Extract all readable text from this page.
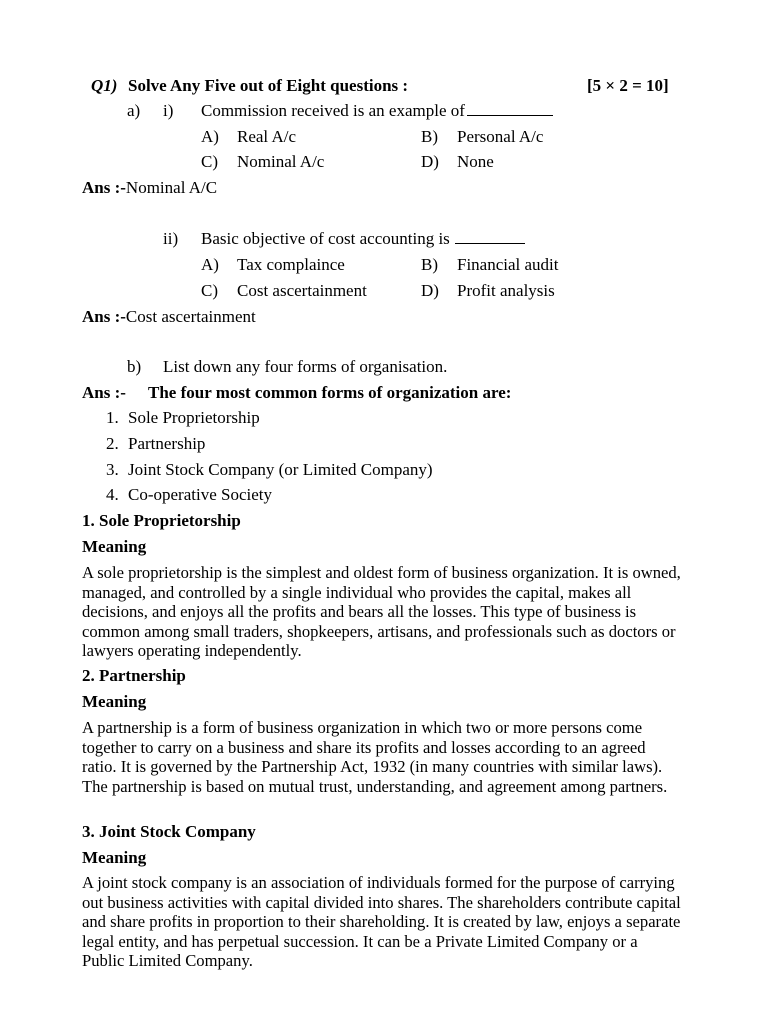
Q1) Solve Any Five out of Eight questions :	[5 × 2 = 10]
a) i) Commission received is an example of
A) Real A/c	B) Personal A/c
C) Nominal A/c	D) None
Ans :-Nominal A/C
ii) Basic objective of cost accounting is
A) Tax complaince	B) Financial audit
C) Cost ascertainment	D) Profit analysis
Ans :-Cost ascertainment
b) List down any four forms of organisation.
Ans :- The four most common forms of organization are:
1. Sole Proprietorship
2. Partnership
3. Joint Stock Company (or Limited Company)
4. Co-operative Society
1. Sole Proprietorship
Meaning
A sole proprietorship is the simplest and oldest form of business organization. It is owned, managed, and controlled by a single individual who provides the capital, makes all decisions, and enjoys all the profits and bears all the losses. This type of business is common among small traders, shopkeepers, artisans, and professionals such as doctors or lawyers operating independently.
2. Partnership
Meaning
A partnership is a form of business organization in which two or more persons come together to carry on a business and share its profits and losses according to an agreed ratio. It is governed by the Partnership Act, 1932 (in many countries with similar laws). The partnership is based on mutual trust, understanding, and agreement among partners.
3. Joint Stock Company
Meaning
A joint stock company is an association of individuals formed for the purpose of carrying out business activities with capital divided into shares. The shareholders contribute capital and share profits in proportion to their shareholding. It is created by law, enjoys a separate legal entity, and has perpetual succession. It can be a Private Limited Company or a Public Limited Company.
